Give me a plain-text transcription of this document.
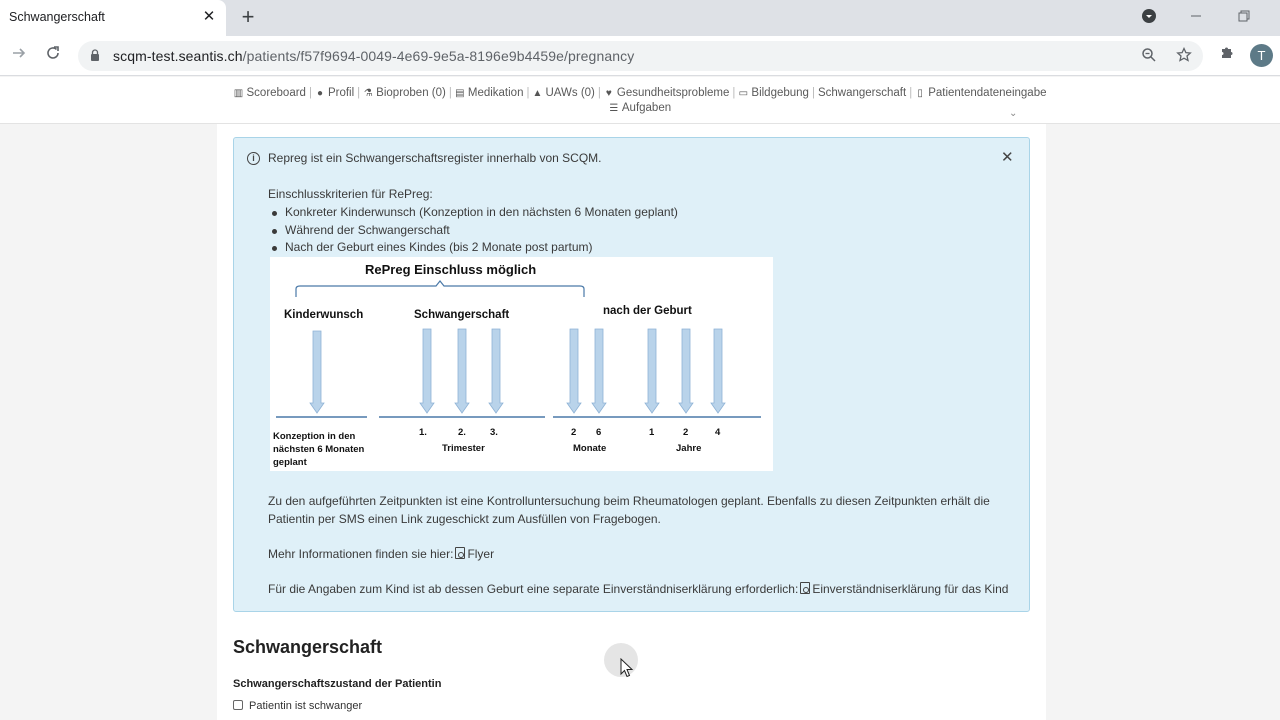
Schwangerschaft	✕ +
scqm-test.seantis.ch/patients/f57f9694-0049-4e69-9e5a-8196e9b4459e/pregnancy	T
▥ Scoreboard | ● Profil | ⚗ Bioproben (0) | ▤ Medikation | ▲ UAWs (0) | ♥ Gesundheitsprobleme | ▭ Bildgebung | Schwangerschaft | ▯ Patientendateneingabe
☰ Aufgaben	⌄
i	✕
Repreg ist ein Schwangerschaftsregister innerhalb von SCQM.
Einschlusskriterien für RePreg:
Konkreter Kinderwunsch (Konzeption in den nächsten 6 Monaten geplant)
Während der Schwangerschaft
Nach der Geburt eines Kindes (bis 2 Monate post partum)
RePreg Einschluss möglich
Kinderwunsch	Schwangerschaft	nach der Geburt
Konzeption in den
nächsten 6 Monaten
geplant
1.	2.	3.
Trimester
2 6
Monate
1	2	4
Jahre
Zu den aufgeführten Zeitpunkten ist eine Kontrolluntersuchung beim Rheumatologen geplant. Ebenfalls zu diesen Zeitpunkten erhält die
Patientin per SMS einen Link zugeschickt zum Ausfüllen von Fragebogen.
Mehr Informationen finden sie hier: Flyer
Für die Angaben zum Kind ist ab dessen Geburt eine separate Einverständniserklärung erforderlich: Einverständniserklärung für das Kind
Schwangerschaft
Schwangerschaftszustand der Patientin
Patientin ist schwanger
